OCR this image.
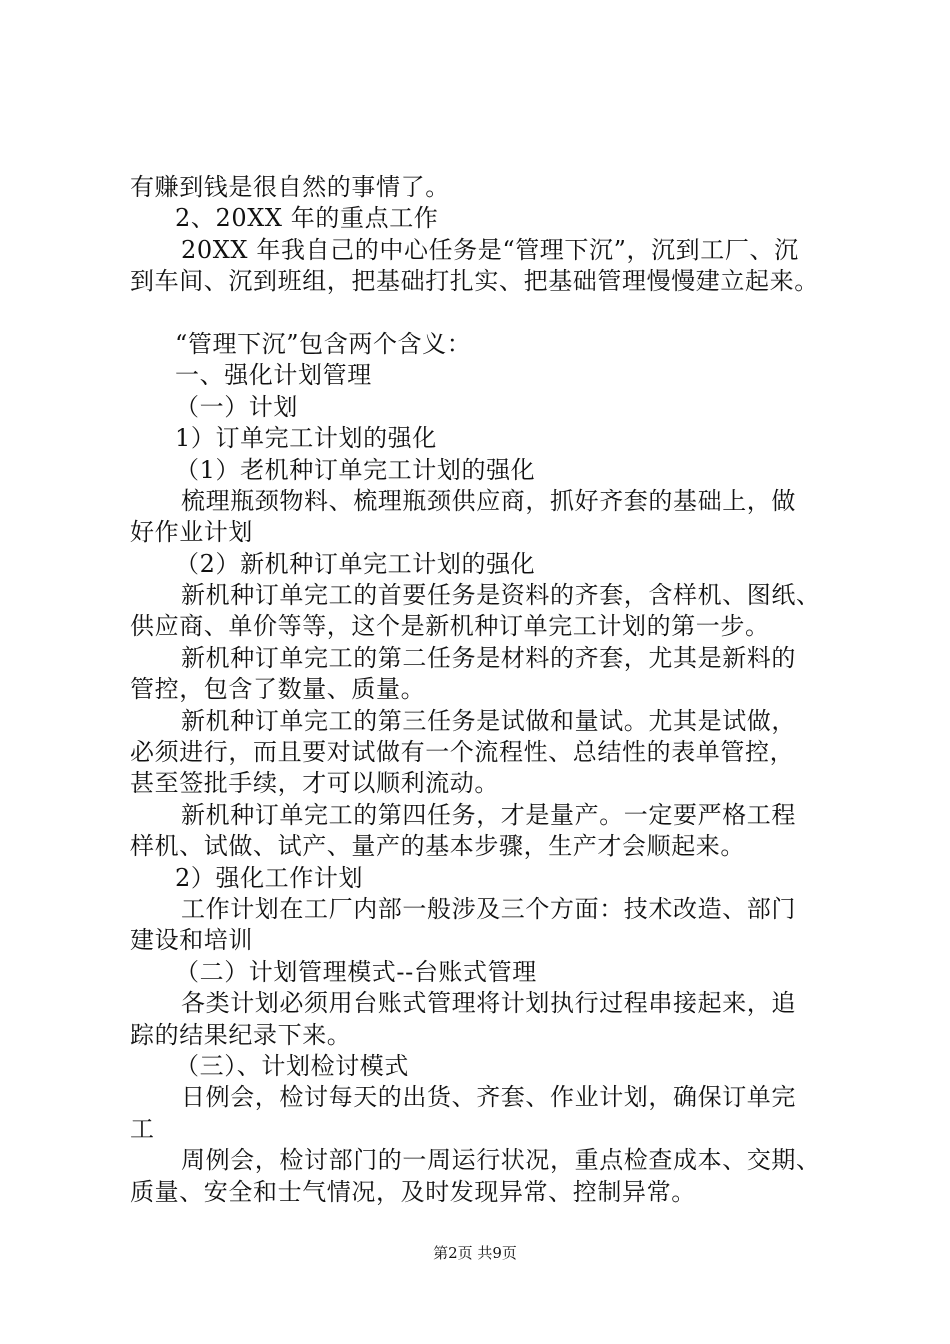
有赚到钱是很自然的事情了。
2、20XX 年的重点工作
20XX 年我自己的中心任务是“管理下沉”，沉到工厂、沉
到车间、沉到班组，把基础打扎实、把基础管理慢慢建立起来。
“管理下沉”包含两个含义：
一、强化计划管理
（一）计划
1）订单完工计划的强化
（1）老机种订单完工计划的强化
梳理瓶颈物料、梳理瓶颈供应商，抓好齐套的基础上，做
好作业计划
（2）新机种订单完工计划的强化
新机种订单完工的首要任务是资料的齐套，含样机、图纸、
供应商、单价等等，这个是新机种订单完工计划的第一步。
新机种订单完工的第二任务是材料的齐套，尤其是新料的
管控，包含了数量、质量。
新机种订单完工的第三任务是试做和量试。尤其是试做，
必须进行，而且要对试做有一个流程性、总结性的表单管控，
甚至签批手续，才可以顺利流动。
新机种订单完工的第四任务，才是量产。一定要严格工程
样机、试做、试产、量产的基本步骤，生产才会顺起来。
2）强化工作计划
工作计划在工厂内部一般涉及三个方面：技术改造、部门
建设和培训
（二）计划管理模式--台账式管理
各类计划必须用台账式管理将计划执行过程串接起来，追
踪的结果纪录下来。
（三）、计划检讨模式
日例会，检讨每天的出货、齐套、作业计划，确保订单完
工
周例会，检讨部门的一周运行状况，重点检查成本、交期、
质量、安全和士气情况，及时发现异常、控制异常。
第2页 共9页
